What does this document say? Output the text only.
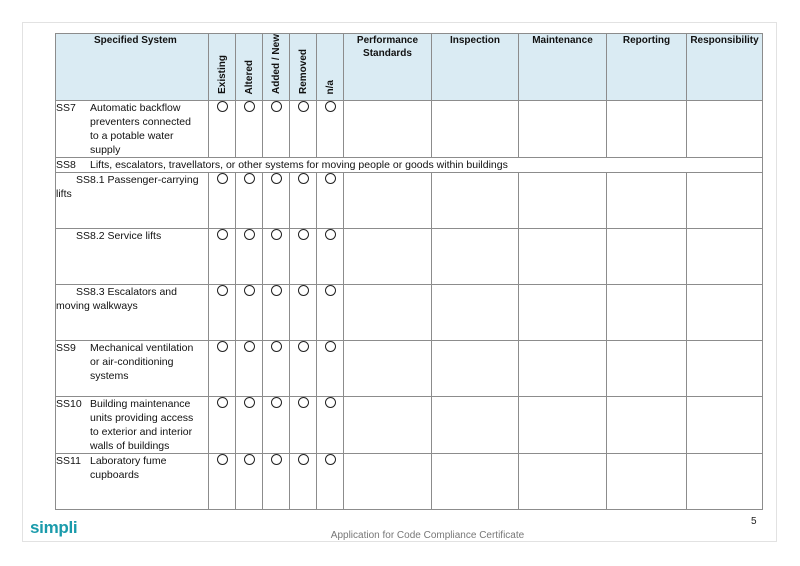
Specified System	Existing	Altered	Added / New	Removed	n/a	Performance Standards	Inspection	Maintenance	Reporting	Responsibility
SS7 Automatic backflow preventers connected to a potable water supply										
SS8 Lifts, escalators, travellators, or other systems for moving people or goods within buildings										
SS8.1 Passenger-carrying lifts										
SS8.2 Service lifts										
SS8.3 Escalators and moving walkways										
SS9 Mechanical ventilation or air-conditioning systems										
SS10 Building maintenance units providing access to exterior and interior walls of buildings										
SS11 Laboratory fume cupboards										
5
simpli	Application for Code Compliance Certificate
